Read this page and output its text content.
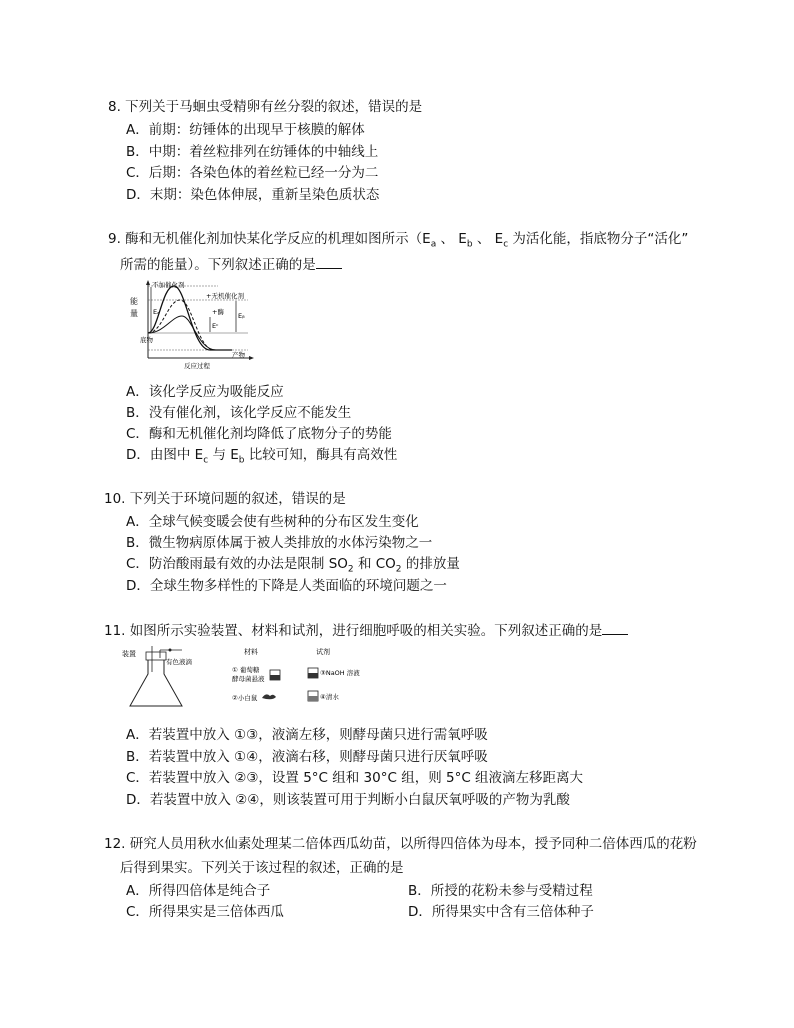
8. 下列关于马蛔虫受精卵有丝分裂的叙述，错误的是
A．前期：纺锤体的出现早于核膜的解体
B．中期：着丝粒排列在纺锤体的中轴线上
C．后期：各染色体的着丝粒已经一分为二
D．末期：染色体伸展，重新呈染色质状态
9. 酶和无机催化剂加快某化学反应的机理如图所示（$E_a$ 、 $E_b$ 、 $E_c$ 为活化能，指底物分子“活化”
所需的能量）。下列叙述正确的是
能
量
不加催化剂
+无机催化剂
+酶
底物
产物
反应过程
Eₐ	Eᵦ
Eᶜ
A．该化学反应为吸能反应
B．没有催化剂，该化学反应不能发生
C．酶和无机催化剂均降低了底物分子的势能
D．由图中 $E_c$ 与 $E_b$ 比较可知，酶具有高效性
10. 下列关于环境问题的叙述，错误的是
A．全球气候变暖会使有些树种的分布区发生变化
B．微生物病原体属于被人类排放的水体污染物之一
C．防治酸雨最有效的办法是限制 $SO_2$ 和 $CO_2$ 的排放量
D．全球生物多样性的下降是人类面临的环境问题之一
11. 如图所示实验装置、材料和试剂，进行细胞呼吸的相关实验。下列叙述正确的是
装置
有色液滴
材料	试剂
① 葡萄糖
酵母菌悬液
②小白鼠
③NaOH 溶液
④清水
A．若装置中放入 ①③，液滴左移，则酵母菌只进行需氧呼吸
B．若装置中放入 ①④，液滴右移，则酵母菌只进行厌氧呼吸
C．若装置中放入 ②③，设置 5°C 组和 30°C 组，则 5°C 组液滴左移距离大
D．若装置中放入 ②④，则该装置可用于判断小白鼠厌氧呼吸的产物为乳酸
12. 研究人员用秋水仙素处理某二倍体西瓜幼苗，以所得四倍体为母本，授予同种二倍体西瓜的花粉
后得到果实。下列关于该过程的叙述，正确的是
A．所得四倍体是纯合子	B．所授的花粉未参与受精过程
C．所得果实是三倍体西瓜	D．所得果实中含有三倍体种子
